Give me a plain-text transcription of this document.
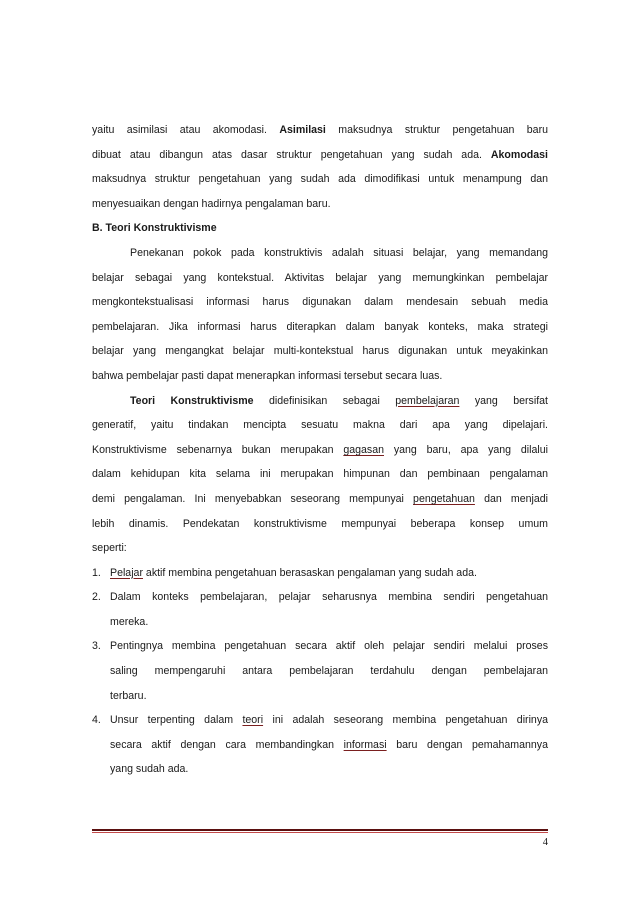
yaitu asimilasi atau akomodasi. Asimilasi maksudnya struktur pengetahuan baru

dibuat atau dibangun atas dasar struktur pengetahuan yang sudah ada. Akomodasi

maksudnya struktur pengetahuan yang sudah ada dimodifikasi untuk menampung dan

menyesuaikan dengan hadirnya pengalaman baru.

B. Teori Konstruktivisme

Penekanan pokok pada konstruktivis adalah situasi belajar, yang memandang

belajar sebagai yang kontekstual. Aktivitas belajar yang memungkinkan pembelajar

mengkontekstualisasi informasi harus digunakan dalam mendesain sebuah media

pembelajaran. Jika informasi harus diterapkan dalam banyak konteks, maka strategi

belajar yang mengangkat belajar multi-kontekstual harus digunakan untuk meyakinkan

bahwa pembelajar pasti dapat menerapkan informasi tersebut secara luas.

Teori Konstruktivisme didefinisikan sebagai pembelajaran yang bersifat

generatif, yaitu tindakan mencipta sesuatu makna dari apa yang dipelajari.

Konstruktivisme sebenarnya bukan merupakan gagasan yang baru, apa yang dilalui

dalam kehidupan kita selama ini merupakan himpunan dan pembinaan pengalaman

demi pengalaman. Ini menyebabkan seseorang mempunyai pengetahuan dan menjadi

lebih dinamis. Pendekatan konstruktivisme mempunyai beberapa konsep umum

seperti:

1. Pelajar aktif membina pengetahuan berasaskan pengalaman yang sudah ada.

2. Dalam konteks pembelajaran, pelajar seharusnya membina sendiri pengetahuan

mereka.

3. Pentingnya membina pengetahuan secara aktif oleh pelajar sendiri melalui proses

saling mempengaruhi antara pembelajaran terdahulu dengan pembelajaran

terbaru.

4. Unsur terpenting dalam teori ini adalah seseorang membina pengetahuan dirinya

secara aktif dengan cara membandingkan informasi baru dengan pemahamannya

yang sudah ada.

4
